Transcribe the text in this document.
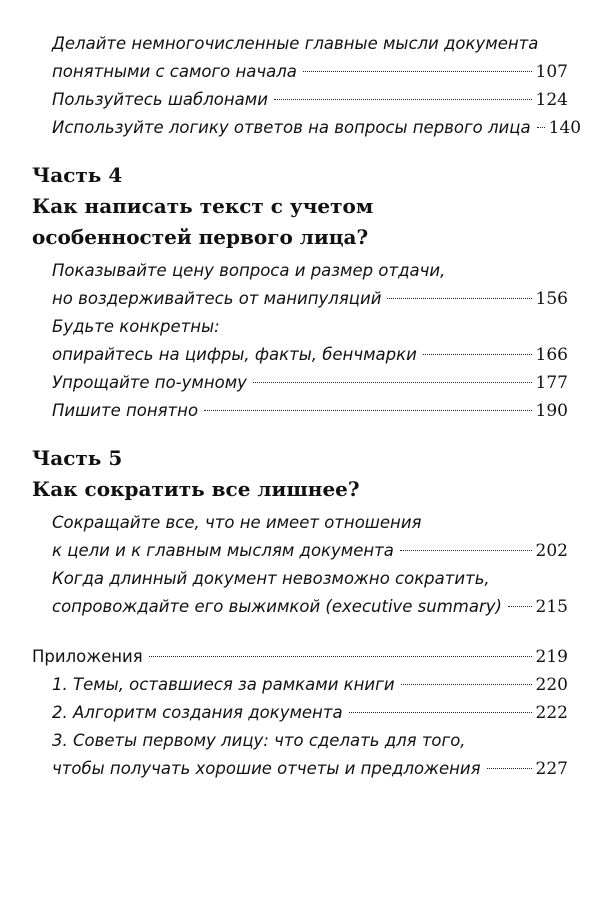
Делайте немногочисленные главные мысли документа
понятными с самого начала	107
Пользуйтесь шаблонами	124
Используйте логику ответов на вопросы первого лица 140

Часть 4

Как написать текст с учетом

особенностей первого лица?

Показывайте цену вопроса и размер отдачи,
но воздерживайтесь от манипуляций	156
Будьте конкретны:
опирайтесь на цифры, факты, бенчмарки	166
Упрощайте по-умному	177
Пишите понятно	190

Часть 5

Как сократить все лишнее?

Сокращайте все, что не имеет отношения
к цели и к главным мыслям документа	202
Когда длинный документ невозможно сократить,
сопровождайте его выжимкой (executive summary) 215
Приложения	219
1. Темы, оставшиеся за рамками книги	220
2. Алгоритм создания документа	222
3. Советы первому лицу: что сделать для того,
чтобы получать хорошие отчеты и предложения	227
